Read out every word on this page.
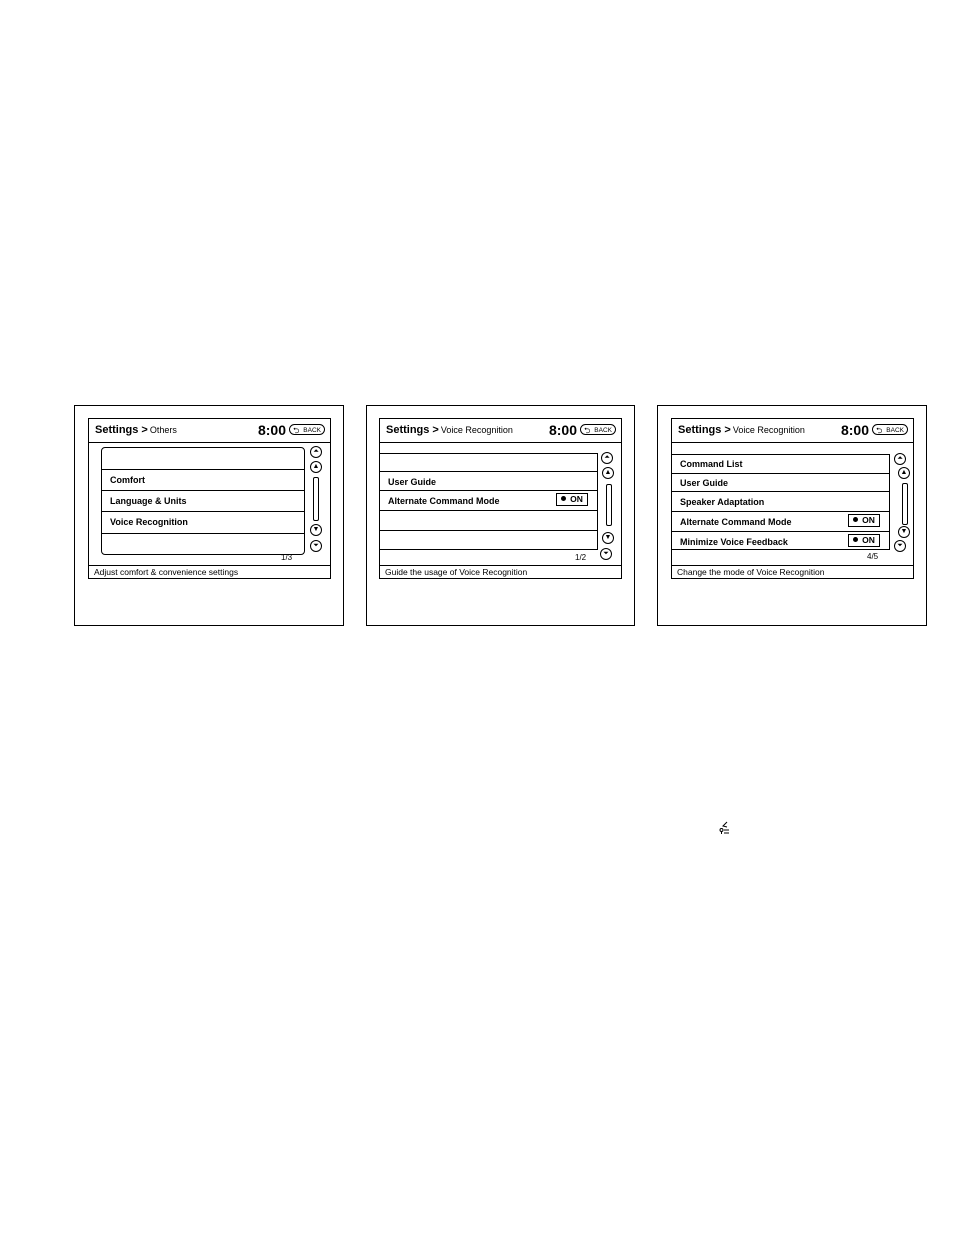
Settings > Others	8:00 ⮌ BACK
Comfort
Language & Units
Voice Recognition
1/3
⏶
▲
▼
⏷
Adjust comfort & convenience settings
Settings > Voice Recognition	8:00 ⮌ BACK
User Guide
Alternate Command Mode	ON
1/2
⏶
▲
▼
⏷
Guide the usage of Voice Recognition
Settings > Voice Recognition	8:00 ⮌ BACK
Command List
User Guide
Speaker Adaptation
Alternate Command Mode	ON
Minimize Voice Feedback	ON
4/5
⏶
▲
▼
⏷
Change the mode of Voice Recognition
